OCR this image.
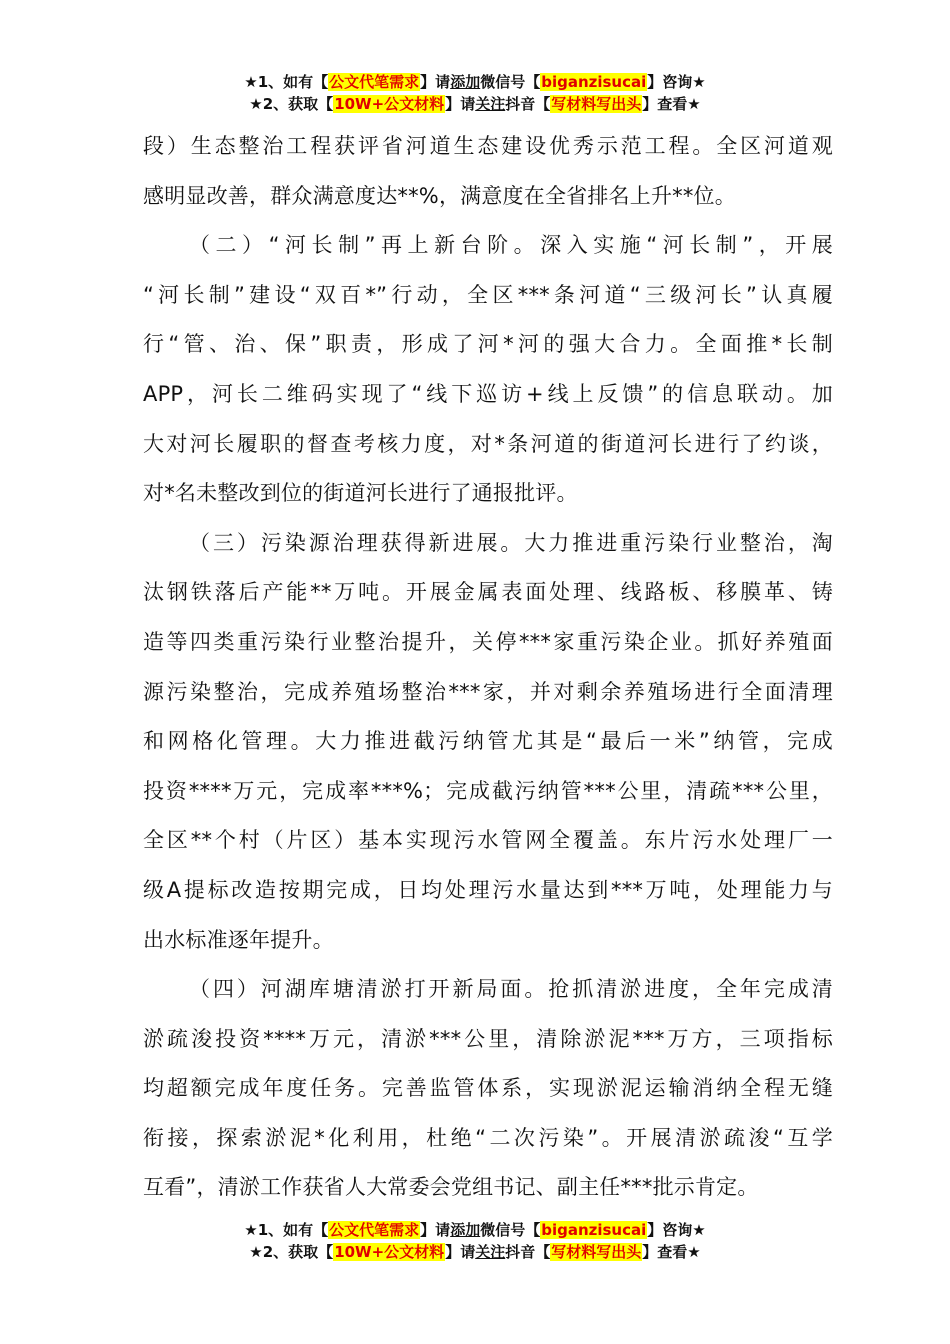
★1、如有【公文代笔需求】请添加微信号【biganzisucai】咨询★
★2、获取【10W+公文材料】请关注抖音【写材料写出头】查看★
段）生态整治工程获评省河道生态建设优秀示范工程。全区河道观
感明显改善，群众满意度达**%，满意度在全省排名上升**位。
（二）“河长制”再上新台阶。深入实施“河长制”，开展
“河长制”建设“双百*”行动，全区***条河道“三级河长”认真履
行“管、治、保”职责，形成了河*河的强大合力。全面推*长制
APP，河长二维码实现了“线下巡访+线上反馈”的信息联动。加
大对河长履职的督查考核力度，对*条河道的街道河长进行了约谈，
对*名未整改到位的街道河长进行了通报批评。
（三）污染源治理获得新进展。大力推进重污染行业整治，淘
汰钢铁落后产能**万吨。开展金属表面处理、线路板、移膜革、铸
造等四类重污染行业整治提升，关停***家重污染企业。抓好养殖面
源污染整治，完成养殖场整治***家，并对剩余养殖场进行全面清理
和网格化管理。大力推进截污纳管尤其是“最后一米”纳管，完成
投资****万元，完成率***%；完成截污纳管***公里，清疏***公里，
全区**个村（片区）基本实现污水管网全覆盖。东片污水处理厂一
级A提标改造按期完成，日均处理污水量达到***万吨，处理能力与
出水标准逐年提升。
（四）河湖库塘清淤打开新局面。抢抓清淤进度，全年完成清
淤疏浚投资****万元，清淤***公里，清除淤泥***万方，三项指标
均超额完成年度任务。完善监管体系，实现淤泥运输消纳全程无缝
衔接，探索淤泥*化利用，杜绝“二次污染”。开展清淤疏浚“互学
互看”，清淤工作获省人大常委会党组书记、副主任***批示肯定。
★1、如有【公文代笔需求】请添加微信号【biganzisucai】咨询★
★2、获取【10W+公文材料】请关注抖音【写材料写出头】查看★
